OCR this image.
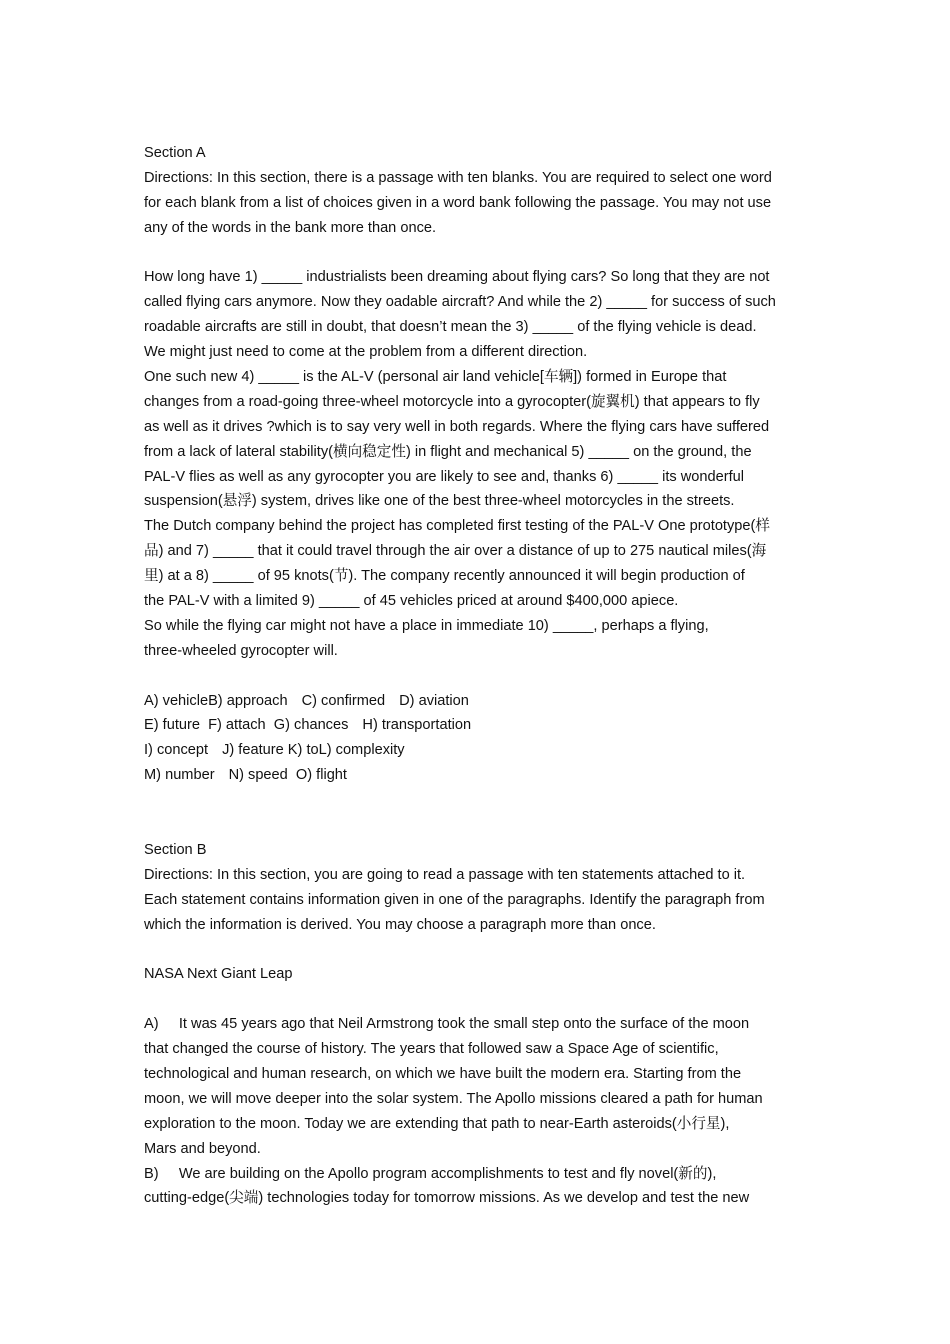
Section A
Directions: In this section, there is a passage with ten blanks. You are required to select one word
for each blank from a list of choices given in a word bank following the passage. You may not use
any of the words in the bank more than once.
How long have 1) _____ industrialists been dreaming about flying cars? So long that they are not
called flying cars anymore. Now they oadable aircraft? And while the 2) _____ for success of such
roadable aircrafts are still in doubt, that doesn’t mean the 3) _____ of the flying vehicle is dead.
We might just need to come at the problem from a different direction.
One such new 4) _____ is the AL-V (personal air land vehicle[车辆]) formed in Europe that
changes from a road-going three-wheel motorcycle into a gyrocopter(旋翼机) that appears to fly
as well as it drives ?which is to say very well in both regards. Where the flying cars have suffered
from a lack of lateral stability(横向稳定性) in flight and mechanical 5) _____ on the ground, the
PAL-V flies as well as any gyrocopter you are likely to see and, thanks 6) _____ its wonderful
suspension(悬浮) system, drives like one of the best three-wheel motorcycles in the streets.
The Dutch company behind the project has completed first testing of the PAL-V One prototype(样
品) and 7) _____ that it could travel through the air over a distance of up to 275 nautical miles(海
里) at a 8) _____ of 95 knots(节). The company recently announced it will begin production of
the PAL-V with a limited 9) _____ of 45 vehicles priced at around $400,000 apiece.
So while the flying car might not have a place in immediate 10) _____, perhaps a flying,
three-wheeled gyrocopter will.
A) vehicleB) approach C) confirmed D) aviation
E) future  F) attach  G) chances H) transportation
I) concept J) feature K) toL) complexity
M) number N) speed  O) flight
Section B
Directions: In this section, you are going to read a passage with ten statements attached to it.
Each statement contains information given in one of the paragraphs. Identify the paragraph from
which the information is derived. You may choose a paragraph more than once.
NASA Next Giant Leap
A)     It was 45 years ago that Neil Armstrong took the small step onto the surface of the moon
that changed the course of history. The years that followed saw a Space Age of scientific,
technological and human research, on which we have built the modern era. Starting from the
moon, we will move deeper into the solar system. The Apollo missions cleared a path for human
exploration to the moon. Today we are extending that path to near-Earth asteroids(小行星),
Mars and beyond.
B)     We are building on the Apollo program accomplishments to test and fly novel(新的),
cutting-edge(尖端) technologies today for tomorrow missions. As we develop and test the new
